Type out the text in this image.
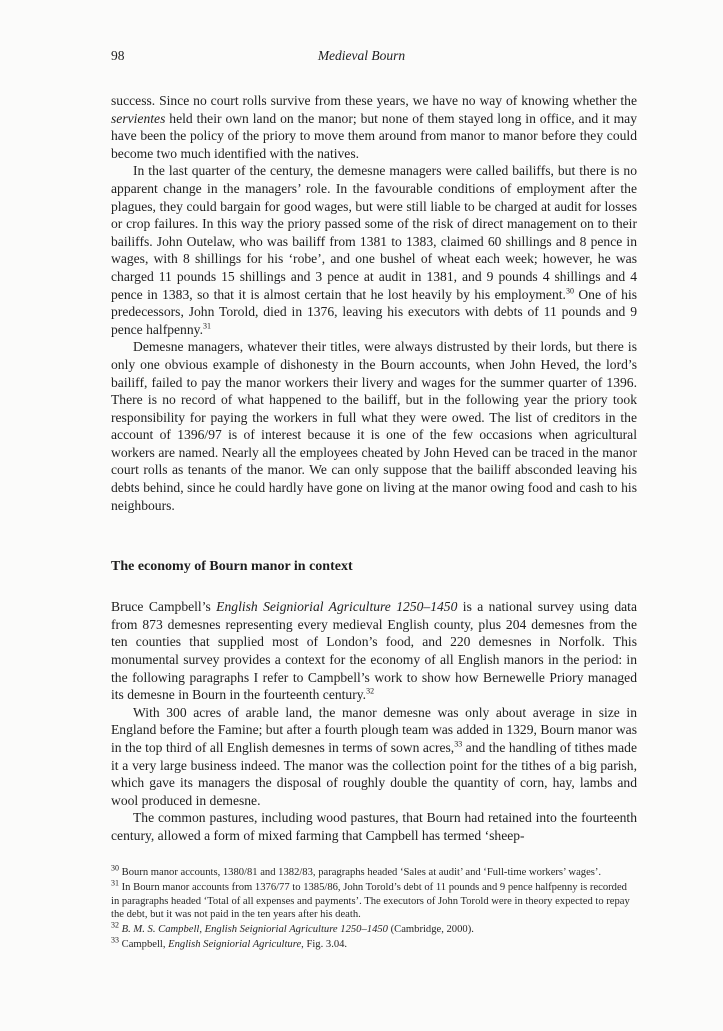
98	Medieval Bourn

success. Since no court rolls survive from these years, we have no way of knowing whether the servientes held their own land on the manor; but none of them stayed long in office, and it may have been the policy of the priory to move them around from manor to manor before they could become two much identified with the natives.

In the last quarter of the century, the demesne managers were called bailiffs, but there is no apparent change in the managers’ role. In the favourable conditions of employment after the plagues, they could bargain for good wages, but were still liable to be charged at audit for losses or crop failures. In this way the priory passed some of the risk of direct management on to their bailiffs. John Outelaw, who was bailiff from 1381 to 1383, claimed 60 shillings and 8 pence in wages, with 8 shillings for his ‘robe’, and one bushel of wheat each week; however, he was charged 11 pounds 15 shillings and 3 pence at audit in 1381, and 9 pounds 4 shillings and 4 pence in 1383, so that it is almost certain that he lost heavily by his employment.$^{30}$ One of his predecessors, John Torold, died in 1376, leaving his executors with debts of 11 pounds and 9 pence halfpenny.$^{31}$

Demesne managers, whatever their titles, were always distrusted by their lords, but there is only one obvious example of dishonesty in the Bourn accounts, when John Heved, the lord’s bailiff, failed to pay the manor workers their livery and wages for the summer quarter of 1396. There is no record of what happened to the bailiff, but in the following year the priory took responsibility for paying the workers in full what they were owed. The list of creditors in the account of 1396/97 is of interest because it is one of the few occasions when agricultural workers are named. Nearly all the employees cheated by John Heved can be traced in the manor court rolls as tenants of the manor. We can only suppose that the bailiff absconded leaving his debts behind, since he could hardly have gone on living at the manor owing food and cash to his neighbours.

The economy of Bourn manor in context

Bruce Campbell’s English Seigniorial Agriculture 1250–1450 is a national survey using data from 873 demesnes representing every medieval English county, plus 204 demesnes from the ten counties that supplied most of London’s food, and 220 demesnes in Norfolk. This monumental survey provides a context for the economy of all English manors in the period: in the following paragraphs I refer to Campbell’s work to show how Bernewelle Priory managed its demesne in Bourn in the fourteenth century.$^{32}$

With 300 acres of arable land, the manor demesne was only about average in size in England before the Famine; but after a fourth plough team was added in 1329, Bourn manor was in the top third of all English demesnes in terms of sown acres,$^{33}$ and the handling of tithes made it a very large business indeed. The manor was the collection point for the tithes of a big parish, which gave its managers the disposal of roughly double the quantity of corn, hay, lambs and wool produced in demesne.

The common pastures, including wood pastures, that Bourn had retained into the fourteenth century, allowed a form of mixed farming that Campbell has termed ‘sheep-

$^{30}$ Bourn manor accounts, 1380/81 and 1382/83, paragraphs headed ‘Sales at audit’ and ‘Full-time workers’ wages’.

$^{31}$ In Bourn manor accounts from 1376/77 to 1385/86, John Torold’s debt of 11 pounds and 9 pence halfpenny is recorded in paragraphs headed ‘Total of all expenses and payments’. The executors of John Torold were in theory expected to repay the debt, but it was not paid in the ten years after his death.

$^{32}$ B. M. S. Campbell, English Seigniorial Agriculture 1250–1450 (Cambridge, 2000).

$^{33}$ Campbell, English Seigniorial Agriculture, Fig. 3.04.
